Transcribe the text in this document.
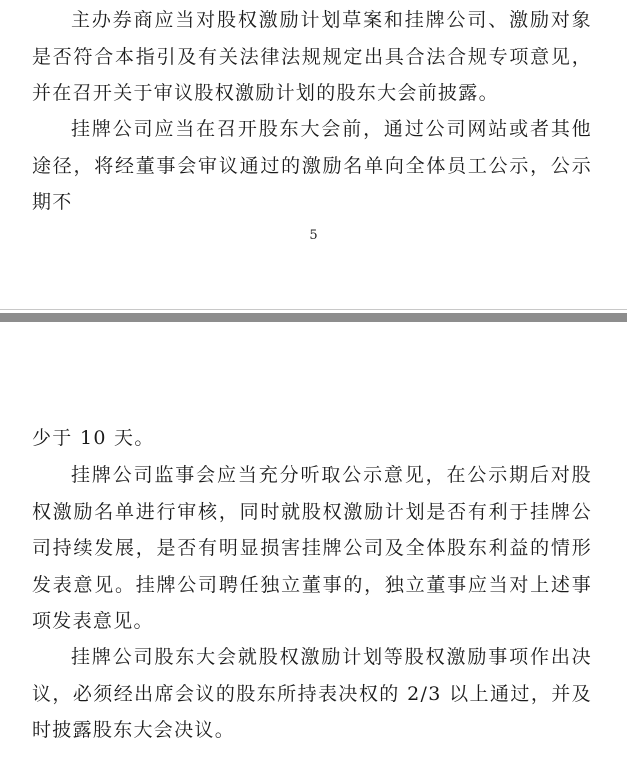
主办券商应当对股权激励计划草案和挂牌公司、激励对象是否符合本指引及有关法律法规规定出具合法合规专项意见，并在召开关于审议股权激励计划的股东大会前披露。

挂牌公司应当在召开股东大会前，通过公司网站或者其他途径，将经董事会审议通过的激励名单向全体员工公示，公示期不

5

少于 10 天。

挂牌公司监事会应当充分听取公示意见，在公示期后对股权激励名单进行审核，同时就股权激励计划是否有利于挂牌公司持续发展，是否有明显损害挂牌公司及全体股东利益的情形发表意见。挂牌公司聘任独立董事的，独立董事应当对上述事项发表意见。

挂牌公司股东大会就股权激励计划等股权激励事项作出决议，必须经出席会议的股东所持表决权的 2/3 以上通过，并及时披露股东大会决议。
